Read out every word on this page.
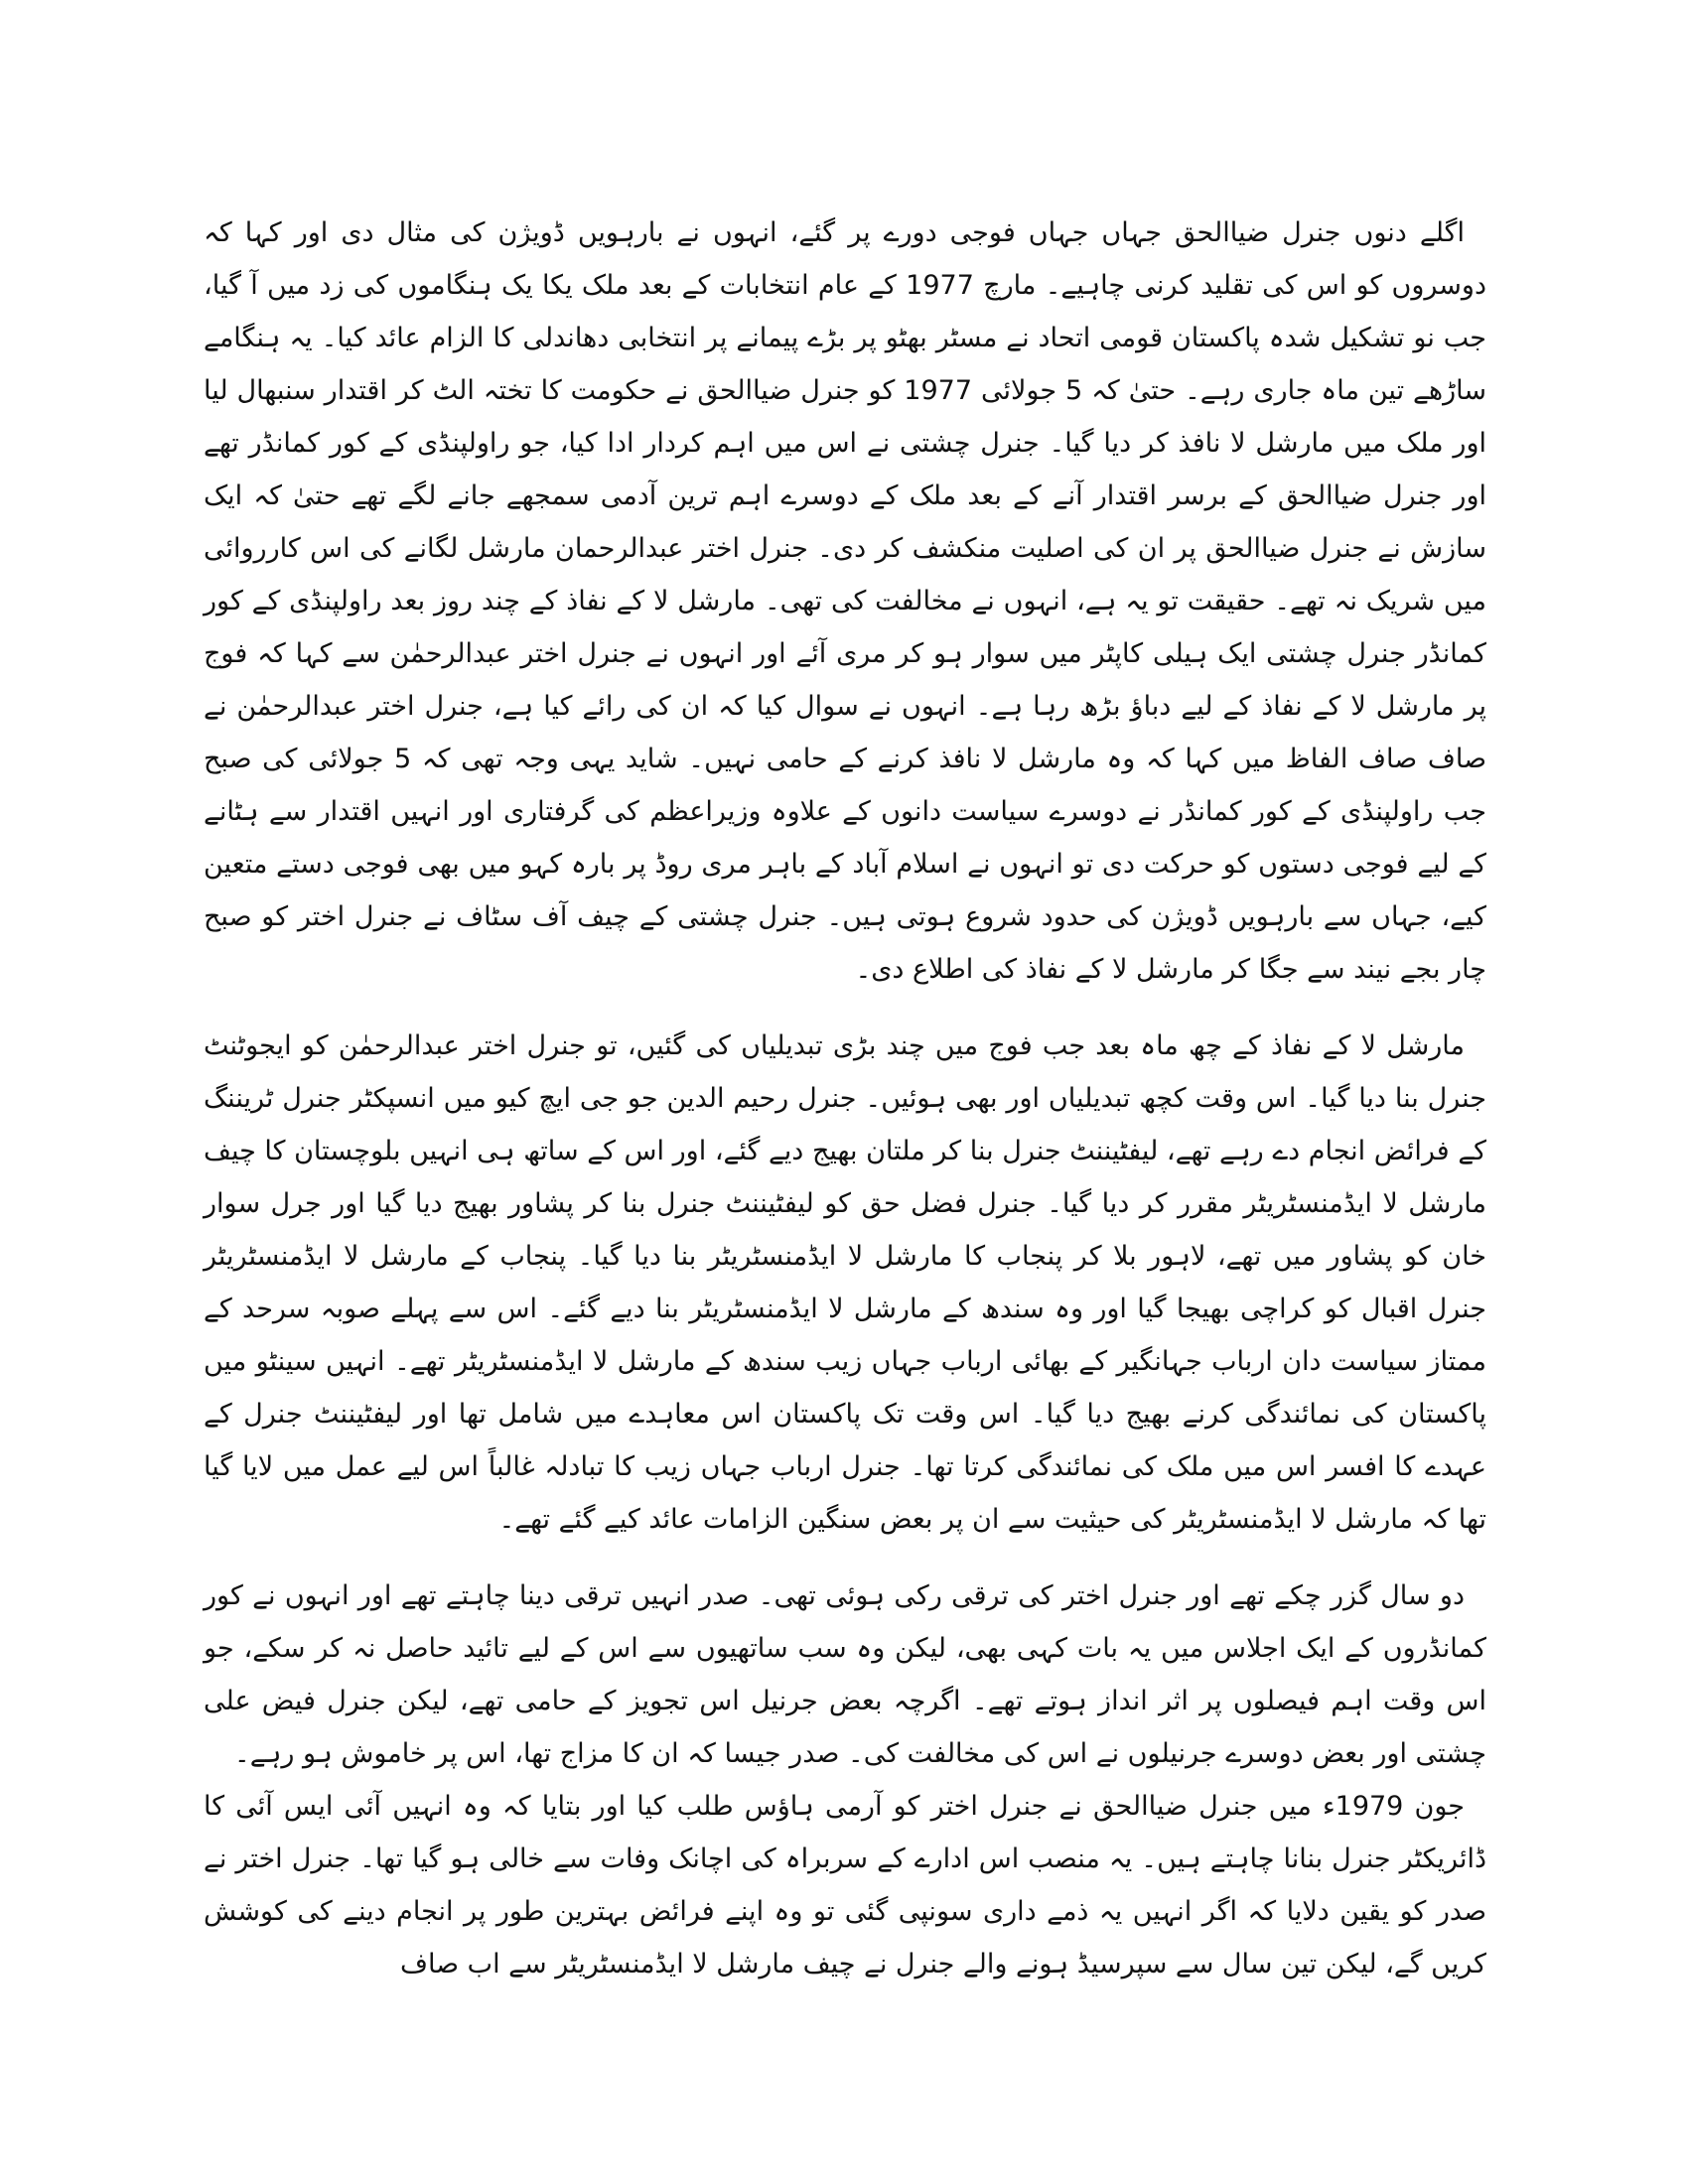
اگلے دنوں جنرل ضیاالحق جہاں جہاں فوجی دورے پر گئے، انہوں نے بارہویں ڈویژن کی مثال دی اور کہا کہ دوسروں کو اس کی تقلید کرنی چاہیے۔ مارچ 1977 کے عام انتخابات کے بعد ملک یکا یک ہنگاموں کی زد میں آ گیا، جب نو تشکیل شدہ پاکستان قومی اتحاد نے مسٹر بھٹو پر بڑے پیمانے پر انتخابی دھاندلی کا الزام عائد کیا۔ یہ ہنگامے ساڑھے تین ماہ جاری رہے۔ حتیٰ کہ 5 جولائی 1977 کو جنرل ضیاالحق نے حکومت کا تختہ الٹ کر اقتدار سنبھال لیا اور ملک میں مارشل لا نافذ کر دیا گیا۔ جنرل چشتی نے اس میں اہم کردار ادا کیا، جو راولپنڈی کے کور کمانڈر تھے اور جنرل ضیاالحق کے برسر اقتدار آنے کے بعد ملک کے دوسرے اہم ترین آدمی سمجھے جانے لگے تھے حتیٰ کہ ایک سازش نے جنرل ضیاالحق پر ان کی اصلیت منکشف کر دی۔ جنرل اختر عبدالرحمان مارشل لگانے کی اس کارروائی میں شریک نہ تھے۔ حقیقت تو یہ ہے، انہوں نے مخالفت کی تھی۔ مارشل لا کے نفاذ کے چند روز بعد راولپنڈی کے کور کمانڈر جنرل چشتی ایک ہیلی کاپٹر میں سوار ہو کر مری آئے اور انہوں نے جنرل اختر عبدالرحمٰن سے کہا کہ فوج پر مارشل لا کے نفاذ کے لیے دباؤ بڑھ رہا ہے۔ انہوں نے سوال کیا کہ ان کی رائے کیا ہے، جنرل اختر عبدالرحمٰن نے صاف صاف الفاظ میں کہا کہ وہ مارشل لا نافذ کرنے کے حامی نہیں۔ شاید یہی وجہ تھی کہ 5 جولائی کی صبح جب راولپنڈی کے کور کمانڈر نے دوسرے سیاست دانوں کے علاوہ وزیراعظم کی گرفتاری اور انہیں اقتدار سے ہٹانے کے لیے فوجی دستوں کو حرکت دی تو انہوں نے اسلام آباد کے باہر مری روڈ پر بارہ کہو میں بھی فوجی دستے متعین کیے، جہاں سے بارہویں ڈویژن کی حدود شروع ہوتی ہیں۔ جنرل چشتی کے چیف آف سٹاف نے جنرل اختر کو صبح چار بجے نیند سے جگا کر مارشل لا کے نفاذ کی اطلاع دی۔

مارشل لا کے نفاذ کے چھ ماہ بعد جب فوج میں چند بڑی تبدیلیاں کی گئیں، تو جنرل اختر عبدالرحمٰن کو ایجوٹنٹ جنرل بنا دیا گیا۔ اس وقت کچھ تبدیلیاں اور بھی ہوئیں۔ جنرل رحیم الدین جو جی ایچ کیو میں انسپکٹر جنرل ٹریننگ کے فرائض انجام دے رہے تھے، لیفٹیننٹ جنرل بنا کر ملتان بھیج دیے گئے، اور اس کے ساتھ ہی انہیں بلوچستان کا چیف مارشل لا ایڈمنسٹریٹر مقرر کر دیا گیا۔ جنرل فضل حق کو لیفٹیننٹ جنرل بنا کر پشاور بھیج دیا گیا اور جرل سوار خان کو پشاور میں تھے، لاہور بلا کر پنجاب کا مارشل لا ایڈمنسٹریٹر بنا دیا گیا۔ پنجاب کے مارشل لا ایڈمنسٹریٹر جنرل اقبال کو کراچی بھیجا گیا اور وہ سندھ کے مارشل لا ایڈمنسٹریٹر بنا دیے گئے۔ اس سے پہلے صوبہ سرحد کے ممتاز سیاست دان ارباب جہانگیر کے بھائی ارباب جہاں زیب سندھ کے مارشل لا ایڈمنسٹریٹر تھے۔ انہیں سینٹو میں پاکستان کی نمائندگی کرنے بھیج دیا گیا۔ اس وقت تک پاکستان اس معاہدے میں شامل تھا اور لیفٹیننٹ جنرل کے عہدے کا افسر اس میں ملک کی نمائندگی کرتا تھا۔ جنرل ارباب جہاں زیب کا تبادلہ غالباً اس لیے عمل میں لایا گیا تھا کہ مارشل لا ایڈمنسٹریٹر کی حیثیت سے ان پر بعض سنگین الزامات عائد کیے گئے تھے۔

دو سال گزر چکے تھے اور جنرل اختر کی ترقی رکی ہوئی تھی۔ صدر انہیں ترقی دینا چاہتے تھے اور انہوں نے کور کمانڈروں کے ایک اجلاس میں یہ بات کہی بھی، لیکن وہ سب ساتھیوں سے اس کے لیے تائید حاصل نہ کر سکے، جو اس وقت اہم فیصلوں پر اثر انداز ہوتے تھے۔ اگرچہ بعض جرنیل اس تجویز کے حامی تھے، لیکن جنرل فیض علی چشتی اور بعض دوسرے جرنیلوں نے اس کی مخالفت کی۔ صدر جیسا کہ ان کا مزاج تھا، اس پر خاموش ہو رہے۔

جون 1979ء میں جنرل ضیاالحق نے جنرل اختر کو آرمی ہاؤس طلب کیا اور بتایا کہ وہ انہیں آئی ایس آئی کا ڈائریکٹر جنرل بنانا چاہتے ہیں۔ یہ منصب اس ادارے کے سربراہ کی اچانک وفات سے خالی ہو گیا تھا۔ جنرل اختر نے صدر کو یقین دلایا کہ اگر انہیں یہ ذمے داری سونپی گئی تو وہ اپنے فرائض بہترین طور پر انجام دینے کی کوشش کریں گے، لیکن تین سال سے سپرسیڈ ہونے والے جنرل نے چیف مارشل لا ایڈمنسٹریٹر سے اب صاف
